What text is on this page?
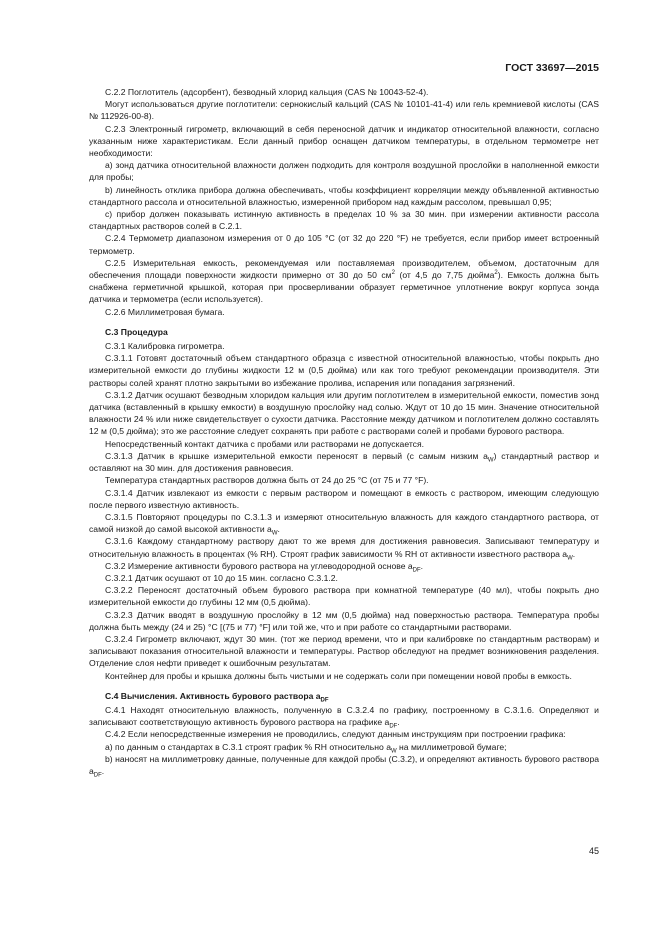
ГОСТ 33697—2015

С.2.2 Поглотитель (адсорбент), безводный хлорид кальция (CAS № 10043-52-4).

Могут использоваться другие поглотители: сернокислый кальций (CAS № 10101-41-4) или гель кремниевой кислоты (CAS № 112926-00-8).

С.2.3 Электронный гигрометр, включающий в себя переносной датчик и индикатор относительной влажности, согласно указанным ниже характеристикам. Если данный прибор оснащен датчиком температуры, в отдельном термометре нет необходимости:

a) зонд датчика относительной влажности должен подходить для контроля воздушной прослойки в наполненной емкости для пробы;

b) линейность отклика прибора должна обеспечивать, чтобы коэффициент корреляции между объявленной активностью стандартного рассола и относительной влажностью, измеренной прибором над каждым рассолом, превышал 0,95;

c) прибор должен показывать истинную активность в пределах 10 % за 30 мин. при измерении активности рассола стандартных растворов солей в С.2.1.

С.2.4 Термометр диапазоном измерения от 0 до 105 °С (от 32 до 220 °F) не требуется, если прибор имеет встроенный термометр.

С.2.5 Измерительная емкость, рекомендуемая или поставляемая производителем, объемом, достаточным для обеспечения площади поверхности жидкости примерно от 30 до 50 $см^2$ (от 4,5 до 7,75 дюйма$^2$). Емкость должна быть снабжена герметичной крышкой, которая при просверливании образует герметичное уплотнение вокруг корпуса зонда датчика и термометра (если используется).

С.2.6 Миллиметровая бумага.

С.3 Процедура

С.3.1 Калибровка гигрометра.

С.3.1.1 Готовят достаточный объем стандартного образца с известной относительной влажностью, чтобы покрыть дно измерительной емкости до глубины жидкости 12 м (0,5 дюйма) или как того требуют рекомендации производителя. Эти растворы солей хранят плотно закрытыми во избежание пролива, испарения или попадания загрязнений.

С.3.1.2 Датчик осушают безводным хлоридом кальция или другим поглотителем в измерительной емкости, поместив зонд датчика (вставленный в крышку емкости) в воздушную прослойку над солью. Ждут от 10 до 15 мин. Значение относительной влажности 24 % или ниже свидетельствует о сухости датчика. Расстояние между датчиком и поглотителем должно составлять 12 м (0,5 дюйма); это же расстояние следует сохранять при работе с растворами солей и пробами бурового раствора.

Непосредственный контакт датчика с пробами или растворами не допускается.

С.3.1.3 Датчик в крышке измерительной емкости переносят в первый (с самым низким $a_W$) стандартный раствор и оставляют на 30 мин. для достижения равновесия.

Температура стандартных растворов должна быть от 24 до 25 °С (от 75 и 77 °F).

С.3.1.4 Датчик извлекают из емкости с первым раствором и помещают в емкость с раствором, имеющим следующую после первого известную активность.

С.3.1.5 Повторяют процедуры по С.3.1.3 и измеряют относительную влажность для каждого стандартного раствора, от самой низкой до самой высокой активности $a_W$.

С.3.1.6 Каждому стандартному раствору дают то же время для достижения равновесия. Записывают температуру и относительную влажность в процентах (% RH). Строят график зависимости % RH от активности известного раствора $a_W$.

С.3.2 Измерение активности бурового раствора на углеводородной основе $a_{DF}$.

С.3.2.1 Датчик осушают от 10 до 15 мин. согласно С.3.1.2.

С.3.2.2 Переносят достаточный объем бурового раствора при комнатной температуре (40 мл), чтобы покрыть дно измерительной емкости до глубины 12 мм (0,5 дюйма).

С.3.2.3 Датчик вводят в воздушную прослойку в 12 мм (0,5 дюйма) над поверхностью раствора. Температура пробы должна быть между (24 и 25) °С [(75 и 77) °F] или той же, что и при работе со стандартными растворами.

С.3.2.4 Гигрометр включают, ждут 30 мин. (тот же период времени, что и при калибровке по стандартным растворам) и записывают показания относительной влажности и температуры. Раствор обследуют на предмет возникновения разделения. Отделение слоя нефти приведет к ошибочным результатам.

Контейнер для пробы и крышка должны быть чистыми и не содержать соли при помещении новой пробы в емкость.

С.4 Вычисления. Активность бурового раствора $a_{DF}$

С.4.1 Находят относительную влажность, полученную в С.3.2.4 по графику, построенному в С.3.1.6. Определяют и записывают соответствующую активность бурового раствора на графике $a_{DF}$.

С.4.2 Если непосредственные измерения не проводились, следуют данным инструкциям при построении графика:

a) по данным о стандартах в С.3.1 строят график % RH относительно $a_W$ на миллиметровой бумаге;

b) наносят на миллиметровку данные, полученные для каждой пробы (С.3.2), и определяют активность бурового раствора $a_{DF}$.

45
